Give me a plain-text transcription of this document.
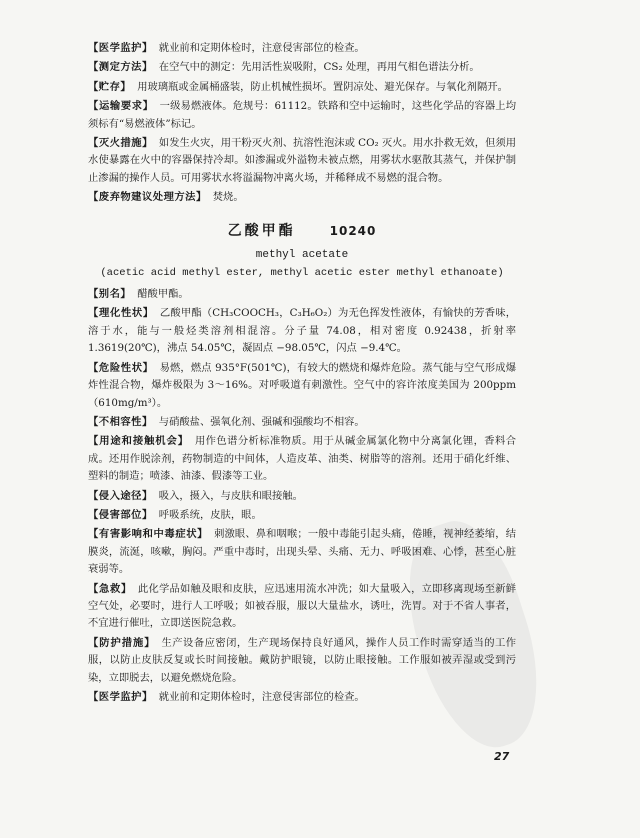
【医学监护】 就业前和定期体检时，注意侵害部位的检查。

【测定方法】 在空气中的测定：先用活性炭吸附，CS₂ 处理，再用气相色谱法分析。

【贮存】 用玻璃瓶或金属桶盛装，防止机械性损坏。置阴凉处、避光保存。与氧化剂隔开。

【运输要求】 一级易燃液体。危规号：61112。铁路和空中运输时，这些化学品的容器上均须标有“易燃液体”标记。

【灭火措施】 如发生火灾，用干粉灭火剂、抗溶性泡沫或 CO₂ 灭火。用水扑救无效，但须用水使暴露在火中的容器保持冷却。如渗漏或外溢物未被点燃，用雾状水驱散其蒸气，并保护制止渗漏的操作人员。可用雾状水将溢漏物冲离火场，并稀释成不易燃的混合物。

【废弃物建议处理方法】 焚烧。

乙酸甲酯	10240
methyl acetate
(acetic acid methyl ester, methyl acetic ester methyl ethanoate)

【别名】 醋酸甲酯。

【理化性状】 乙酸甲酯（CH₃COOCH₃，C₃H₆O₂）为无色挥发性液体，有愉快的芳香味，溶于水，能与一般烃类溶剂相混溶。分子量 74.08，相对密度 0.92438，折射率 1.3619(20℃)，沸点 54.05℃，凝固点 −98.05℃，闪点 −9.4℃。

【危险性状】 易燃，燃点 935°F(501℃)，有较大的燃烧和爆炸危险。蒸气能与空气形成爆炸性混合物，爆炸极限为 3～16%。对呼吸道有刺激性。空气中的容许浓度美国为 200ppm（610mg/m³）。

【不相容性】 与硝酸盐、强氧化剂、强碱和强酸均不相容。

【用途和接触机会】 用作色谱分析标准物质。用于从碱金属氯化物中分离氯化锂，香料合成。还用作脱涂剂，药物制造的中间体，人造皮革、油类、树脂等的溶剂。还用于硝化纤维、塑料的制造；喷漆、油漆、假漆等工业。

【侵入途径】 吸入，摄入，与皮肤和眼接触。

【侵害部位】 呼吸系统，皮肤，眼。

【有害影响和中毒症状】 刺激眼、鼻和咽喉；一般中毒能引起头痛，倦睡，视神经萎缩，结膜炎，流涎，咳嗽，胸闷。严重中毒时，出现头晕、头痛、无力、呼吸困难、心悸，甚至心脏衰弱等。

【急救】 此化学品如触及眼和皮肤，应迅速用流水冲洗；如大量吸入，立即移离现场至新鲜空气处，必要时，进行人工呼吸；如被吞服，服以大量盐水，诱吐，洗胃。对于不省人事者，不宜进行催吐，立即送医院急救。

【防护措施】 生产设备应密闭，生产现场保持良好通风，操作人员工作时需穿适当的工作服，以防止皮肤反复或长时间接触。戴防护眼镜，以防止眼接触。工作服如被弄湿或受到污染，立即脱去，以避免燃烧危险。

【医学监护】 就业前和定期体检时，注意侵害部位的检查。

27
